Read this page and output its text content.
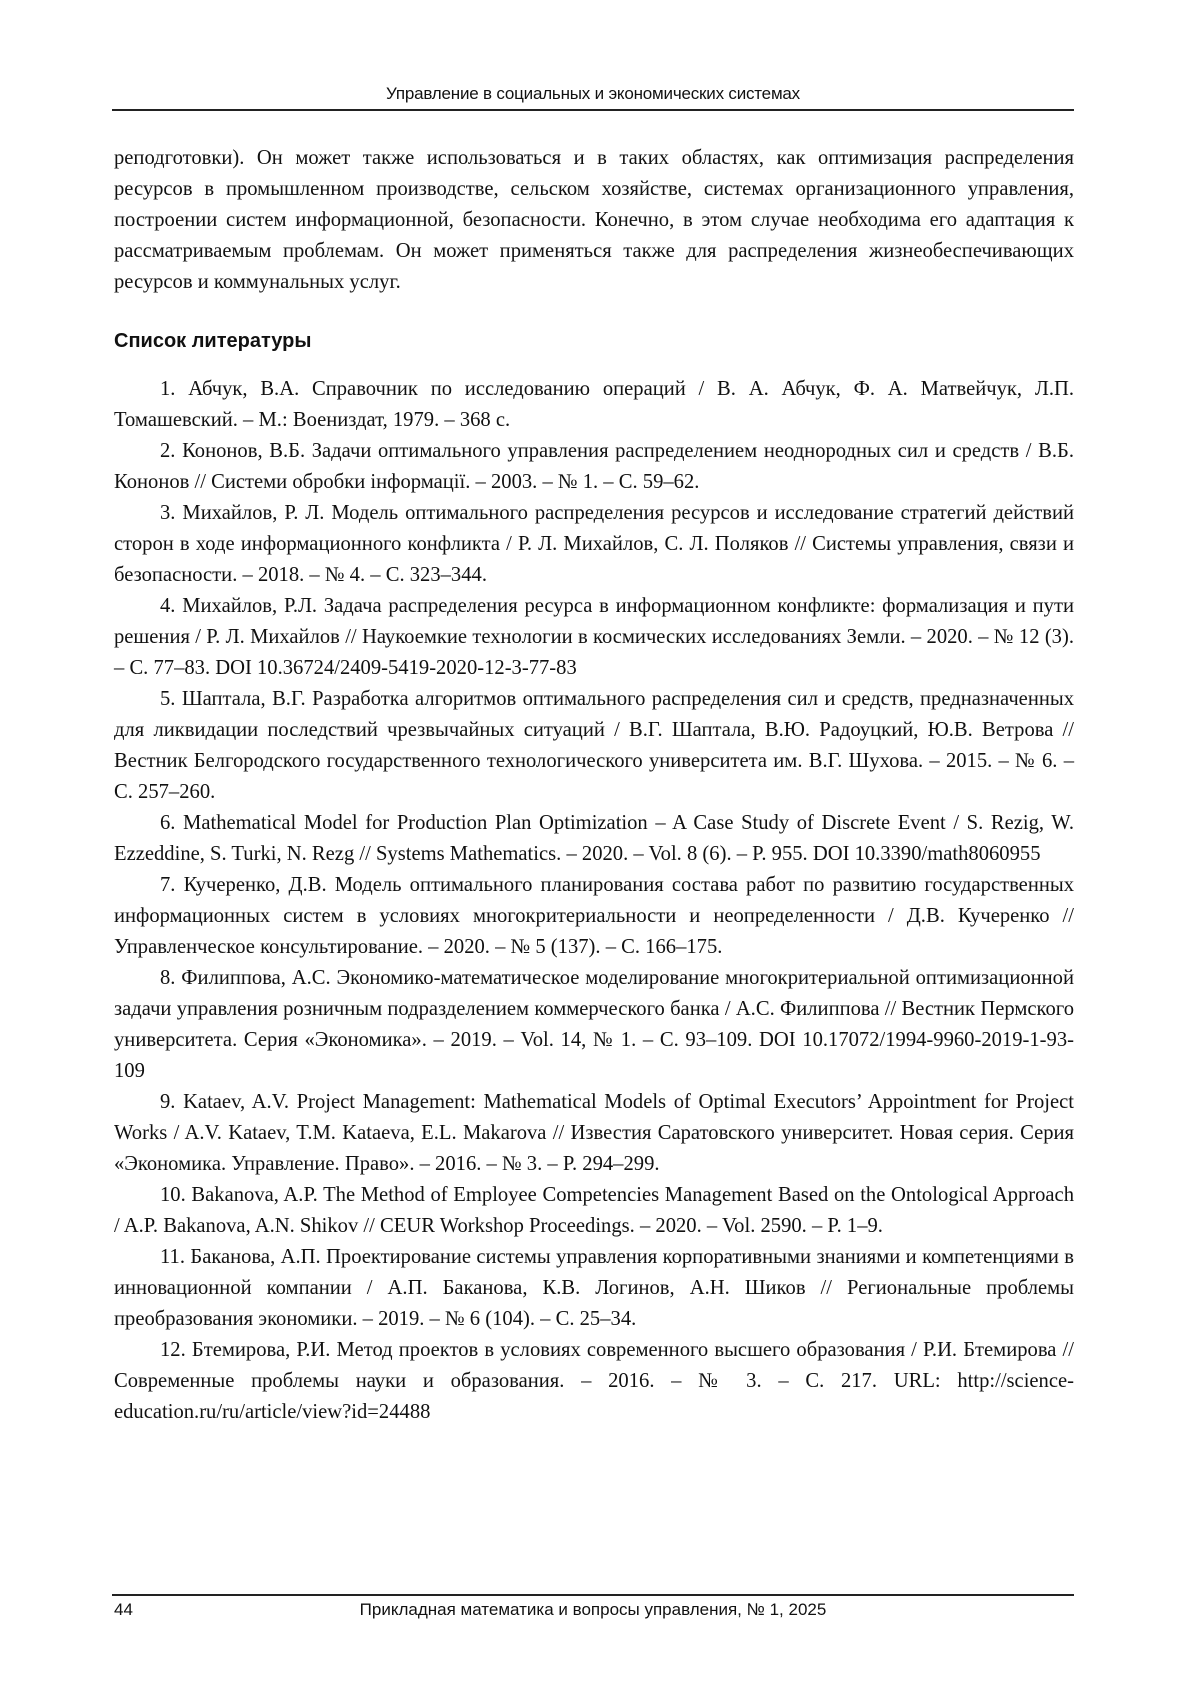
Управление в социальных и экономических системах

реподготовки). Он может также использоваться и в таких областях, как оптимизация распределения ресурсов в промышленном производстве, сельском хозяйстве, системах организационного управления, построении систем информационной, безопасности. Конечно, в этом случае необходима его адаптация к рассматриваемым проблемам. Он может применяться также для распределения жизнеобеспечивающих ресурсов и коммунальных услуг.

Список литературы

1. Абчук, В.А. Справочник по исследованию операций / В. А. Абчук, Ф. А. Матвейчук, Л.П. Томашевский. – М.: Воениздат, 1979. – 368 с.

2. Кононов, В.Б. Задачи оптимального управления распределением неоднородных сил и средств / В.Б. Кононов // Системи обробки інформації. – 2003. – № 1. – С. 59–62.

3. Михайлов, Р. Л. Модель оптимального распределения ресурсов и исследование стратегий действий сторон в ходе информационного конфликта / Р. Л. Михайлов, С. Л. Поляков // Системы управления, связи и безопасности. – 2018. – № 4. – С. 323–344.

4. Михайлов, Р.Л. Задача распределения ресурса в информационном конфликте: формализация и пути решения / Р. Л. Михайлов // Наукоемкие технологии в космических исследованиях Земли. – 2020. – № 12 (3). – С. 77–83. DOI 10.36724/2409-5419-2020-12-3-77-83

5. Шаптала, В.Г. Разработка алгоритмов оптимального распределения сил и средств, предназначенных для ликвидации последствий чрезвычайных ситуаций / В.Г. Шаптала, В.Ю. Радоуцкий, Ю.В. Ветрова // Вестник Белгородского государственного технологического университета им. В.Г. Шухова. – 2015. – № 6. – С. 257–260.

6. Mathematical Model for Production Plan Optimization – A Case Study of Discrete Event / S. Rezig, W. Ezzeddine, S. Turki, N. Rezg // Systems Mathematics. – 2020. – Vol. 8 (6). – P. 955. DOI 10.3390/math8060955

7. Кучеренко, Д.В. Модель оптимального планирования состава работ по развитию государственных информационных систем в условиях многокритериальности и неопределенности / Д.В. Кучеренко // Управленческое консультирование. – 2020. – № 5 (137). – С. 166–175.

8. Филиппова, А.С. Экономико-математическое моделирование многокритериальной оптимизационной задачи управления розничным подразделением коммерческого банка / А.С. Филиппова // Вестник Пермского университета. Серия «Экономика». – 2019. – Vol. 14, № 1. – С. 93–109. DOI 10.17072/1994-9960-2019-1-93-109

9. Kataev, A.V. Project Management: Mathematical Models of Optimal Executors’ Appointment for Project Works / A.V. Kataev, T.M. Kataeva, E.L. Makarova // Известия Саратовского университет. Новая серия. Серия «Экономика. Управление. Право». – 2016. – № 3. – P. 294–299.

10. Bakanova, A.P. The Method of Employee Competencies Management Based on the Ontological Approach / A.P. Bakanova, A.N. Shikov // CEUR Workshop Proceedings. – 2020. – Vol. 2590. – P. 1–9.

11. Баканова, А.П. Проектирование системы управления корпоративными знаниями и компетенциями в инновационной компании / А.П. Баканова, К.В. Логинов, А.Н. Шиков // Региональные проблемы преобразования экономики. – 2019. – № 6 (104). – С. 25–34.

12. Бтемирова, Р.И. Метод проектов в условиях современного высшего образования / Р.И. Бтемирова // Современные проблемы науки и образования. – 2016. – № 3. – С. 217. URL: http://science-education.ru/ru/article/view?id=24488

44	Прикладная математика и вопросы управления, № 1, 2025
